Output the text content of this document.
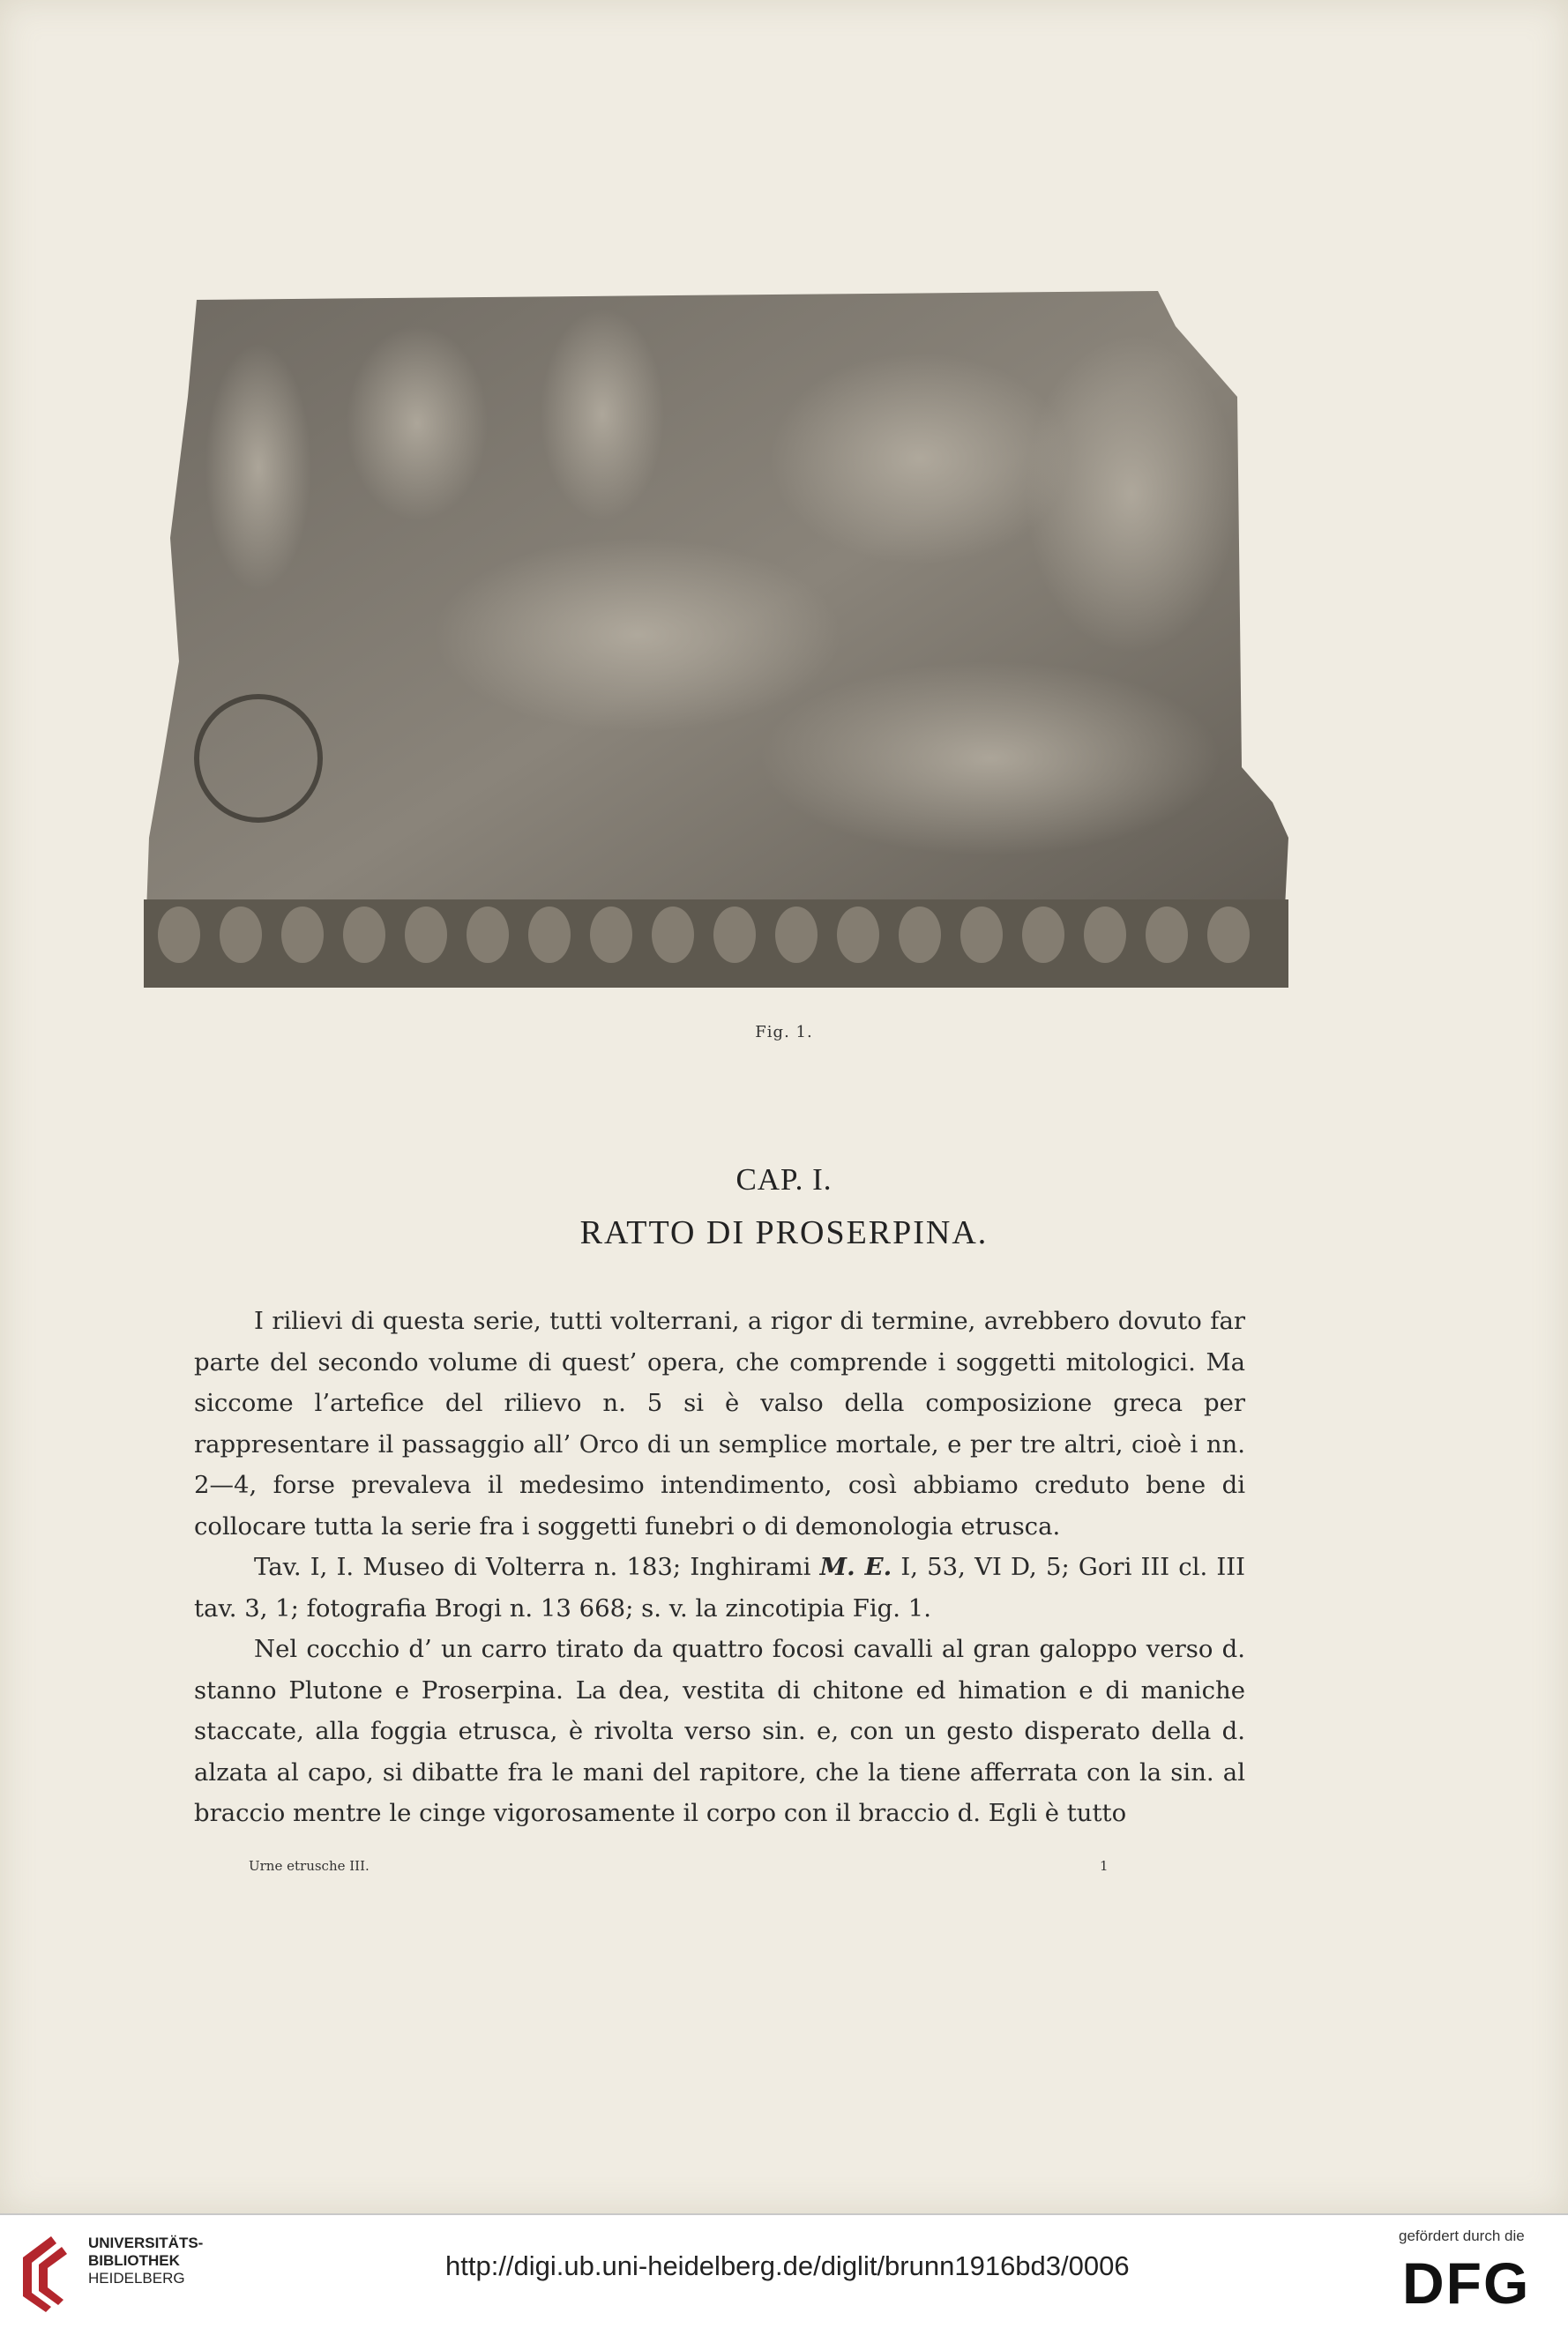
Fig. 1.
CAP. I.
RATTO DI PROSERPINA.

I rilievi di questa serie, tutti volterrani, a rigor di termine, avrebbero dovuto far parte del secondo volume di quest’ opera, che comprende i soggetti mitologici. Ma siccome l’artefice del rilievo n. 5 si è valso della composizione greca per rappresentare il passaggio all’ Orco di un semplice mortale, e per tre altri, cioè i nn. 2—4, forse prevaleva il medesimo intendimento, così abbiamo creduto bene di collocare tutta la serie fra i soggetti funebri o di demonologia etrusca.

Tav. I, I. Museo di Volterra n. 183; Inghirami M. E. I, 53, VI D, 5; Gori III cl. III tav. 3, 1; fotografia Brogi n. 13 668; s. v. la zincotipia Fig. 1.

Nel cocchio d’ un carro tirato da quattro focosi cavalli al gran galoppo verso d. stanno Plutone e Proserpina. La dea, vestita di chitone ed himation e di maniche staccate, alla foggia etrusca, è rivolta verso sin. e, con un gesto disperato della d. alzata al capo, si dibatte fra le mani del rapitore, che la tiene afferrata con la sin. al braccio mentre le cinge vigorosamente il corpo con il braccio d. Egli è tutto

Urne etrusche III.	1
UNIVERSITÄTS-
BIBLIOTHEK
HEIDELBERG	http://digi.ub.uni-heidelberg.de/diglit/brunn1916bd3/0006
gefördert durch die
DFG
